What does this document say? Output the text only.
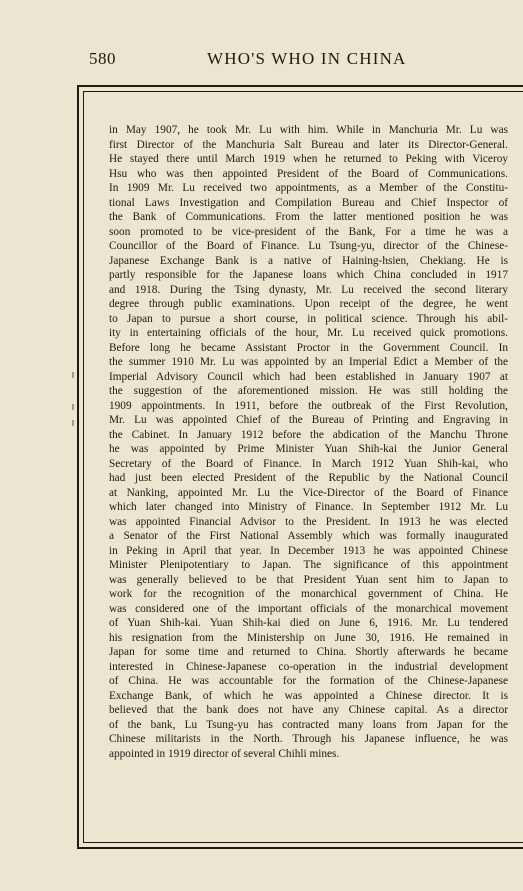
580	WHO'S WHO IN CHINA
in May 1907, he took Mr. Lu with him. While in Manchuria Mr. Lu was
first Director of the Manchuria Salt Bureau and later its Director-General.
He stayed there until March 1919 when he returned to Peking with Viceroy
Hsu who was then appointed President of the Board of Communications.
In 1909 Mr. Lu received two appointments, as a Member of the Constitu-
tional Laws Investigation and Compilation Bureau and Chief Inspector of
the Bank of Communications. From the latter mentioned position he was
soon promoted to be vice-president of the Bank, For a time he was a
Councillor of the Board of Finance. Lu Tsung-yu, director of the Chinese-
Japanese Exchange Bank is a native of Haining-hsien, Chekiang. He is
partly responsible for the Japanese loans which China concluded in 1917
and 1918. During the Tsing dynasty, Mr. Lu received the second literary
degree through public examinations. Upon receipt of the degree, he went
to Japan to pursue a short course, in political science. Through his abil-
ity in entertaining officials of the hour, Mr. Lu received quick promotions.
Before long he became Assistant Proctor in the Government Council. In
the summer 1910 Mr. Lu was appointed by an Imperial Edict a Member of the
Imperial Advisory Council which had been established in January 1907 at
the suggestion of the aforementioned mission. He was still holding the
1909 appointments. In 1911, before the outbreak of the First Revolution,
Mr. Lu was appointed Chief of the Bureau of Printing and Engraving in
the Cabinet. In January 1912 before the abdication of the Manchu Throne
he was appointed by Prime Minister Yuan Shih-kai the Junior General
Secretary of the Board of Finance. In March 1912 Yuan Shih-kai, who
had just been elected President of the Republic by the National Council
at Nanking, appointed Mr. Lu the Vice-Director of the Board of Finance
which later changed into Ministry of Finance. In September 1912 Mr. Lu
was appointed Financial Advisor to the President. In 1913 he was elected
a Senator of the First National Assembly which was formally inaugurated
in Peking in April that year. In December 1913 he was appointed Chinese
Minister Plenipotentiary to Japan. The significance of this appointment
was generally believed to be that President Yuan sent him to Japan to
work for the recognition of the monarchical government of China. He
was considered one of the important officials of the monarchical movement
of Yuan Shih-kai. Yuan Shih-kai died on June 6, 1916. Mr. Lu tendered
his resignation from the Ministership on June 30, 1916. He remained in
Japan for some time and returned to China. Shortly afterwards he became
interested in Chinese-Japanese co-operation in the industrial development
of China. He was accountable for the formation of the Chinese-Japanese
Exchange Bank, of which he was appointed a Chinese director. It is
believed that the bank does not have any Chinese capital. As a director
of the bank, Lu Tsung-yu has contracted many loans from Japan for the
Chinese militarists in the North. Through his Japanese influence, he was
appointed in 1919 director of several Chihli mines.
